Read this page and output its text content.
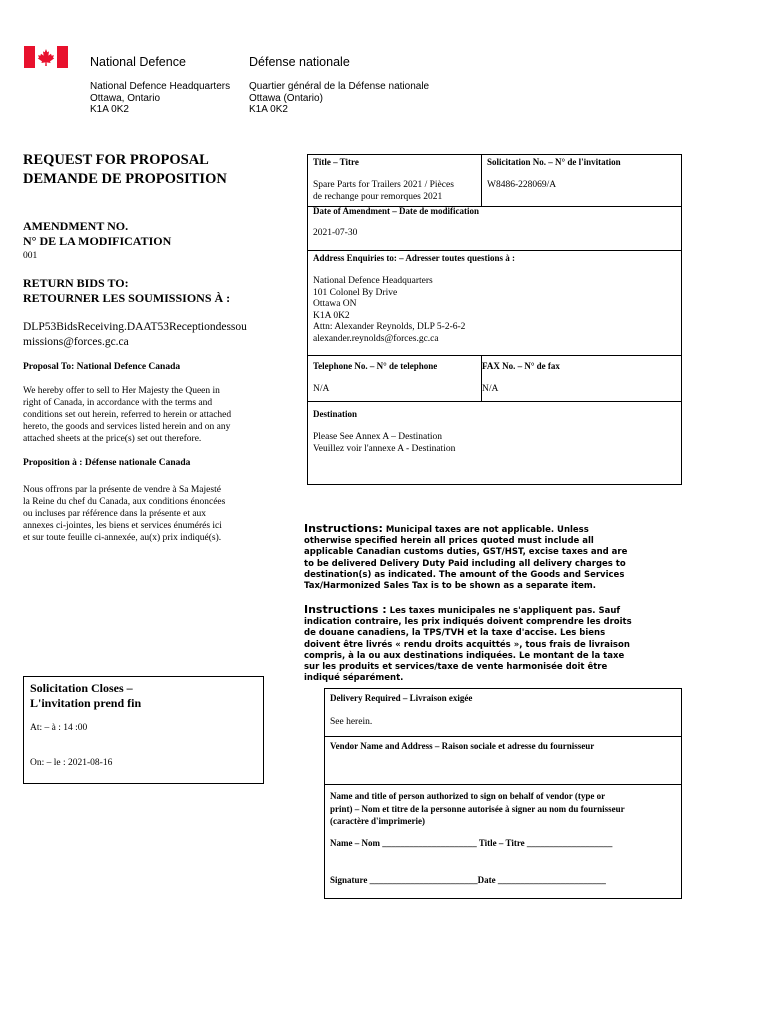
National Defence	Défense nationale
National Defence Headquarters
Ottawa, Ontario
K1A 0K2
Quartier général de la Défense nationale
Ottawa (Ontario)
K1A 0K2
REQUEST FOR PROPOSAL
DEMANDE DE PROPOSITION
AMENDMENT NO.
N° DE LA MODIFICATION
001
RETURN BIDS TO:
RETOURNER LES SOUMISSIONS À :
DLP53BidsReceiving.DAAT53Receptiondessou
missions@forces.gc.ca
Proposal To: National Defence Canada
We hereby offer to sell to Her Majesty the Queen in
right of Canada, in accordance with the terms and
conditions set out herein, referred to herein or attached
hereto, the goods and services listed herein and on any
attached sheets at the price(s) set out therefore.
Proposition à : Défense nationale Canada
Nous offrons par la présente de vendre à Sa Majesté
la Reine du chef du Canada, aux conditions énoncées
ou incluses par référence dans la présente et aux
annexes ci-jointes, les biens et services énumérés ici
et sur toute feuille ci-annexée, au(x) prix indiqué(s).
Title – Titre
Spare Parts for Trailers 2021 / Pièces
de rechange pour remorques 2021
Solicitation No. – N° de l'invitation
W8486-228069/A
Date of Amendment – Date de modification
2021-07-30
Address Enquiries to: – Adresser toutes questions à :
National Defence Headquarters
101 Colonel By Drive
Ottawa ON
K1A 0K2
Attn: Alexander Reynolds, DLP 5-2-6-2
alexander.reynolds@forces.gc.ca
Telephone No. – N° de telephone
N/A
FAX No. – N° de fax
N/A
Destination
Please See Annex A – Destination
Veuillez voir l'annexe A - Destination
Instructions: Municipal taxes are not applicable. Unless
otherwise specified herein all prices quoted must include all
applicable Canadian customs duties, GST/HST, excise taxes and are
to be delivered Delivery Duty Paid including all delivery charges to
destination(s) as indicated. The amount of the Goods and Services
Tax/Harmonized Sales Tax is to be shown as a separate item.
Instructions : Les taxes municipales ne s'appliquent pas. Sauf
indication contraire, les prix indiqués doivent comprendre les droits
de douane canadiens, la TPS/TVH et la taxe d'accise. Les biens
doivent être livrés « rendu droits acquittés », tous frais de livraison
compris, à la ou aux destinations indiquées. Le montant de la taxe
sur les produits et services/taxe de vente harmonisée doit être
indiqué séparément.
Solicitation Closes –
L'invitation prend fin
At: – à : 14 :00
On: – le : 2021-08-16
Delivery Required – Livraison exigée
See herein.
Vendor Name and Address – Raison sociale et adresse du fournisseur
Name and title of person authorized to sign on behalf of vendor (type or
print) – Nom et titre de la personne autorisée à signer au nom du fournisseur
(caractère d'imprimerie)
Name – Nom _____________________ Title – Titre ___________________
Signature ________________________Date ________________________
